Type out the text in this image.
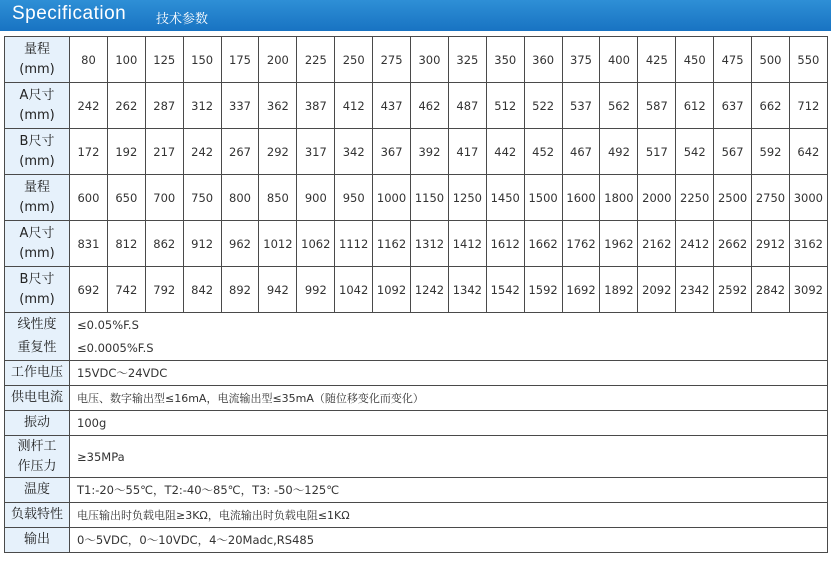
Specification 技术参数
量程
(mm)	80	100	125	150	175	200	225	250	275	300	325	350	360	375	400	425	450	475	500	550

A尺寸
(mm)	242	262	287	312	337	362	387	412	437	462	487	512	522	537	562	587	612	637	662	712

B尺寸
(mm)	172	192	217	242	267	292	317	342	367	392	417	442	452	467	492	517	542	567	592	642

量程
(mm)	600	650	700	750	800	850	900	950	1000	1150	1250	1450	1500	1600	1800	2000	2250	2500	2750	3000

A尺寸
(mm)	831	812	862	912	962	1012	1062	1112	1162	1312	1412	1612	1662	1762	1962	2162	2412	2662	2912	3162

B尺寸
(mm)	692	742	792	842	892	942	992	1042	1092	1242	1342	1542	1592	1692	1892	2092	2342	2592	2842	3092
线性度	≤0.05%F.S																			
重复性	≤0.0005%F.S																			
工作电压	15VDC～24VDC																			
供电电流	电压、数字输出型≤16mA，电流输出型≤35mA（随位移变化而变化）																			
振动	100g																			

测杆工
作压力	≥35MPa																			
温度	T1:-20～55℃，T2:-40～85℃，T3: -50～125℃																			
负载特性	电压输出时负载电阻≥3KΩ，电流输出时负载电阻≤1KΩ																			
输出	0～5VDC，0～10VDC，4～20Madc,RS485																			
